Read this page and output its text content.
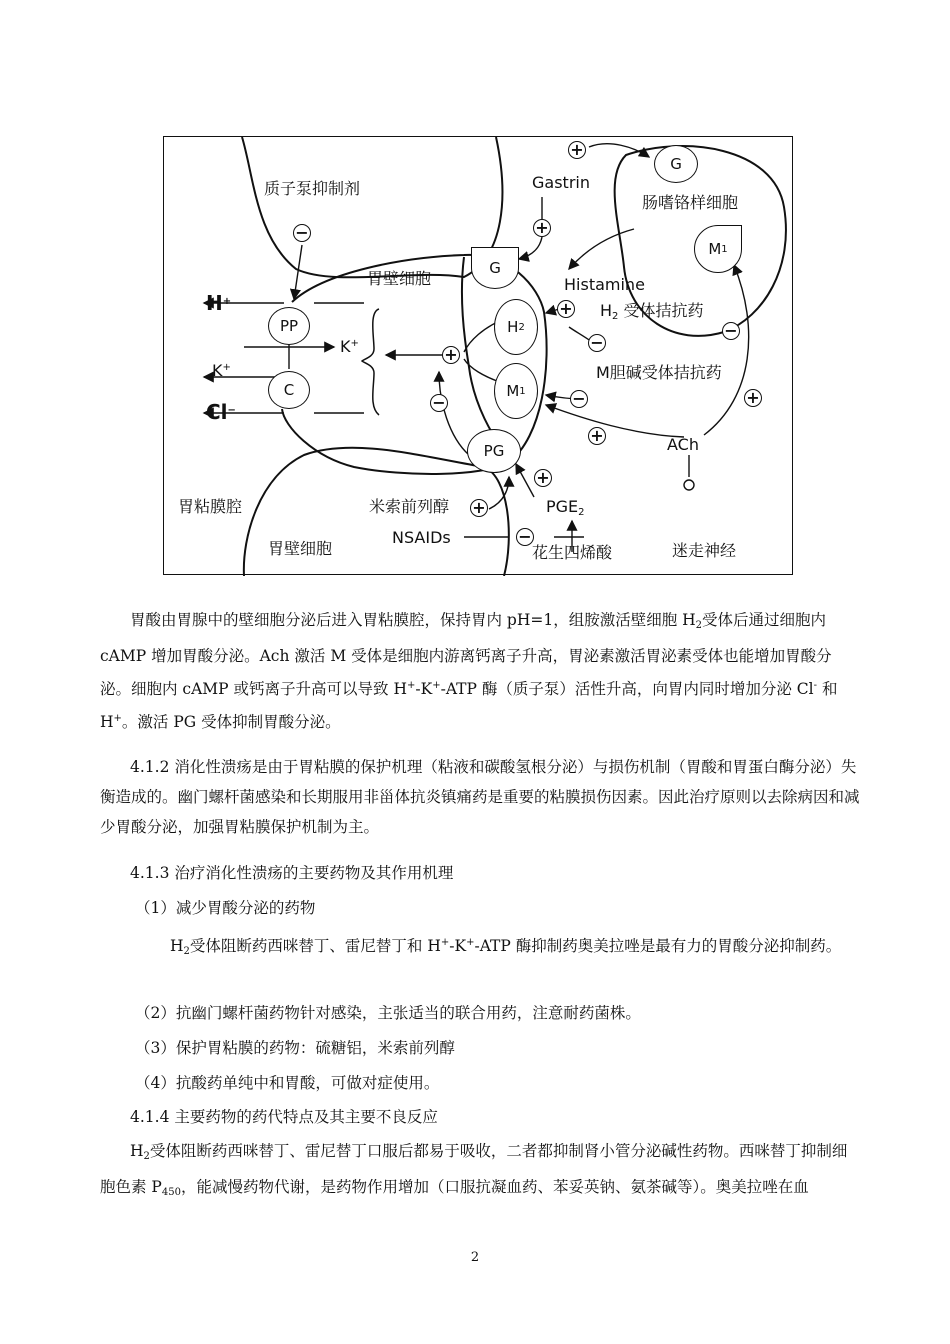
质子泵抑制剂	Gastrin
肠嗜铬样细胞
胃壁细胞	Histamine
$H_2$ 受体拮抗药
M胆碱受体拮抗药
ACh
胃粘膜腔	米索前列醇
NSAIDs
$PGE_2$
胃壁细胞	花生四烯酸	迷走神经
H+
K+
K+
Cl−
PP
C
G
H 2
M 1
PG
G
M 1
−
+
+
+
−
−
−	+
+
+
−
+
+
−
胃酸由胃腺中的壁细胞分泌后进入胃粘膜腔，保持胃内 pH=1，组胺激活壁细胞 $H_2$受体后通过细胞内 cAMP 增加胃酸分泌。Ach 激活 M 受体是细胞内游离钙离子升高，胃泌素激活胃泌素受体也能增加胃酸分泌。细胞内 cAMP 或钙离子升高可以导致 H+-K+-ATP 酶（质子泵）活性升高，向胃内同时增加分泌 Cl- 和 H+。激活 PG 受体抑制胃酸分泌。
4.1.2 消化性溃疡是由于胃粘膜的保护机理（粘液和碳酸氢根分泌）与损伤机制（胃酸和胃蛋白酶分泌）失衡造成的。幽门螺杆菌感染和长期服用非甾体抗炎镇痛药是重要的粘膜损伤因素。因此治疗原则以去除病因和减少胃酸分泌，加强胃粘膜保护机制为主。
4.1.3 治疗消化性溃疡的主要药物及其作用机理
（1）减少胃酸分泌的药物
$H_2$受体阻断药西咪替丁、雷尼替丁和 H+-K+-ATP 酶抑制药奥美拉唑是最有力的胃酸分泌抑制药。
（2）抗幽门螺杆菌药物针对感染，主张适当的联合用药，注意耐药菌株。
（3）保护胃粘膜的药物：硫糖铝，米索前列醇
（4）抗酸药单纯中和胃酸，可做对症使用。
4.1.4 主要药物的药代特点及其主要不良反应
$H_2$受体阻断药西咪替丁、雷尼替丁口服后都易于吸收，二者都抑制肾小管分泌碱性药物。西咪替丁抑制细胞色素 $P_{450}$，能减慢药物代谢，是药物作用增加（口服抗凝血药、苯妥英钠、氨茶碱等）。奥美拉唑在血
2
